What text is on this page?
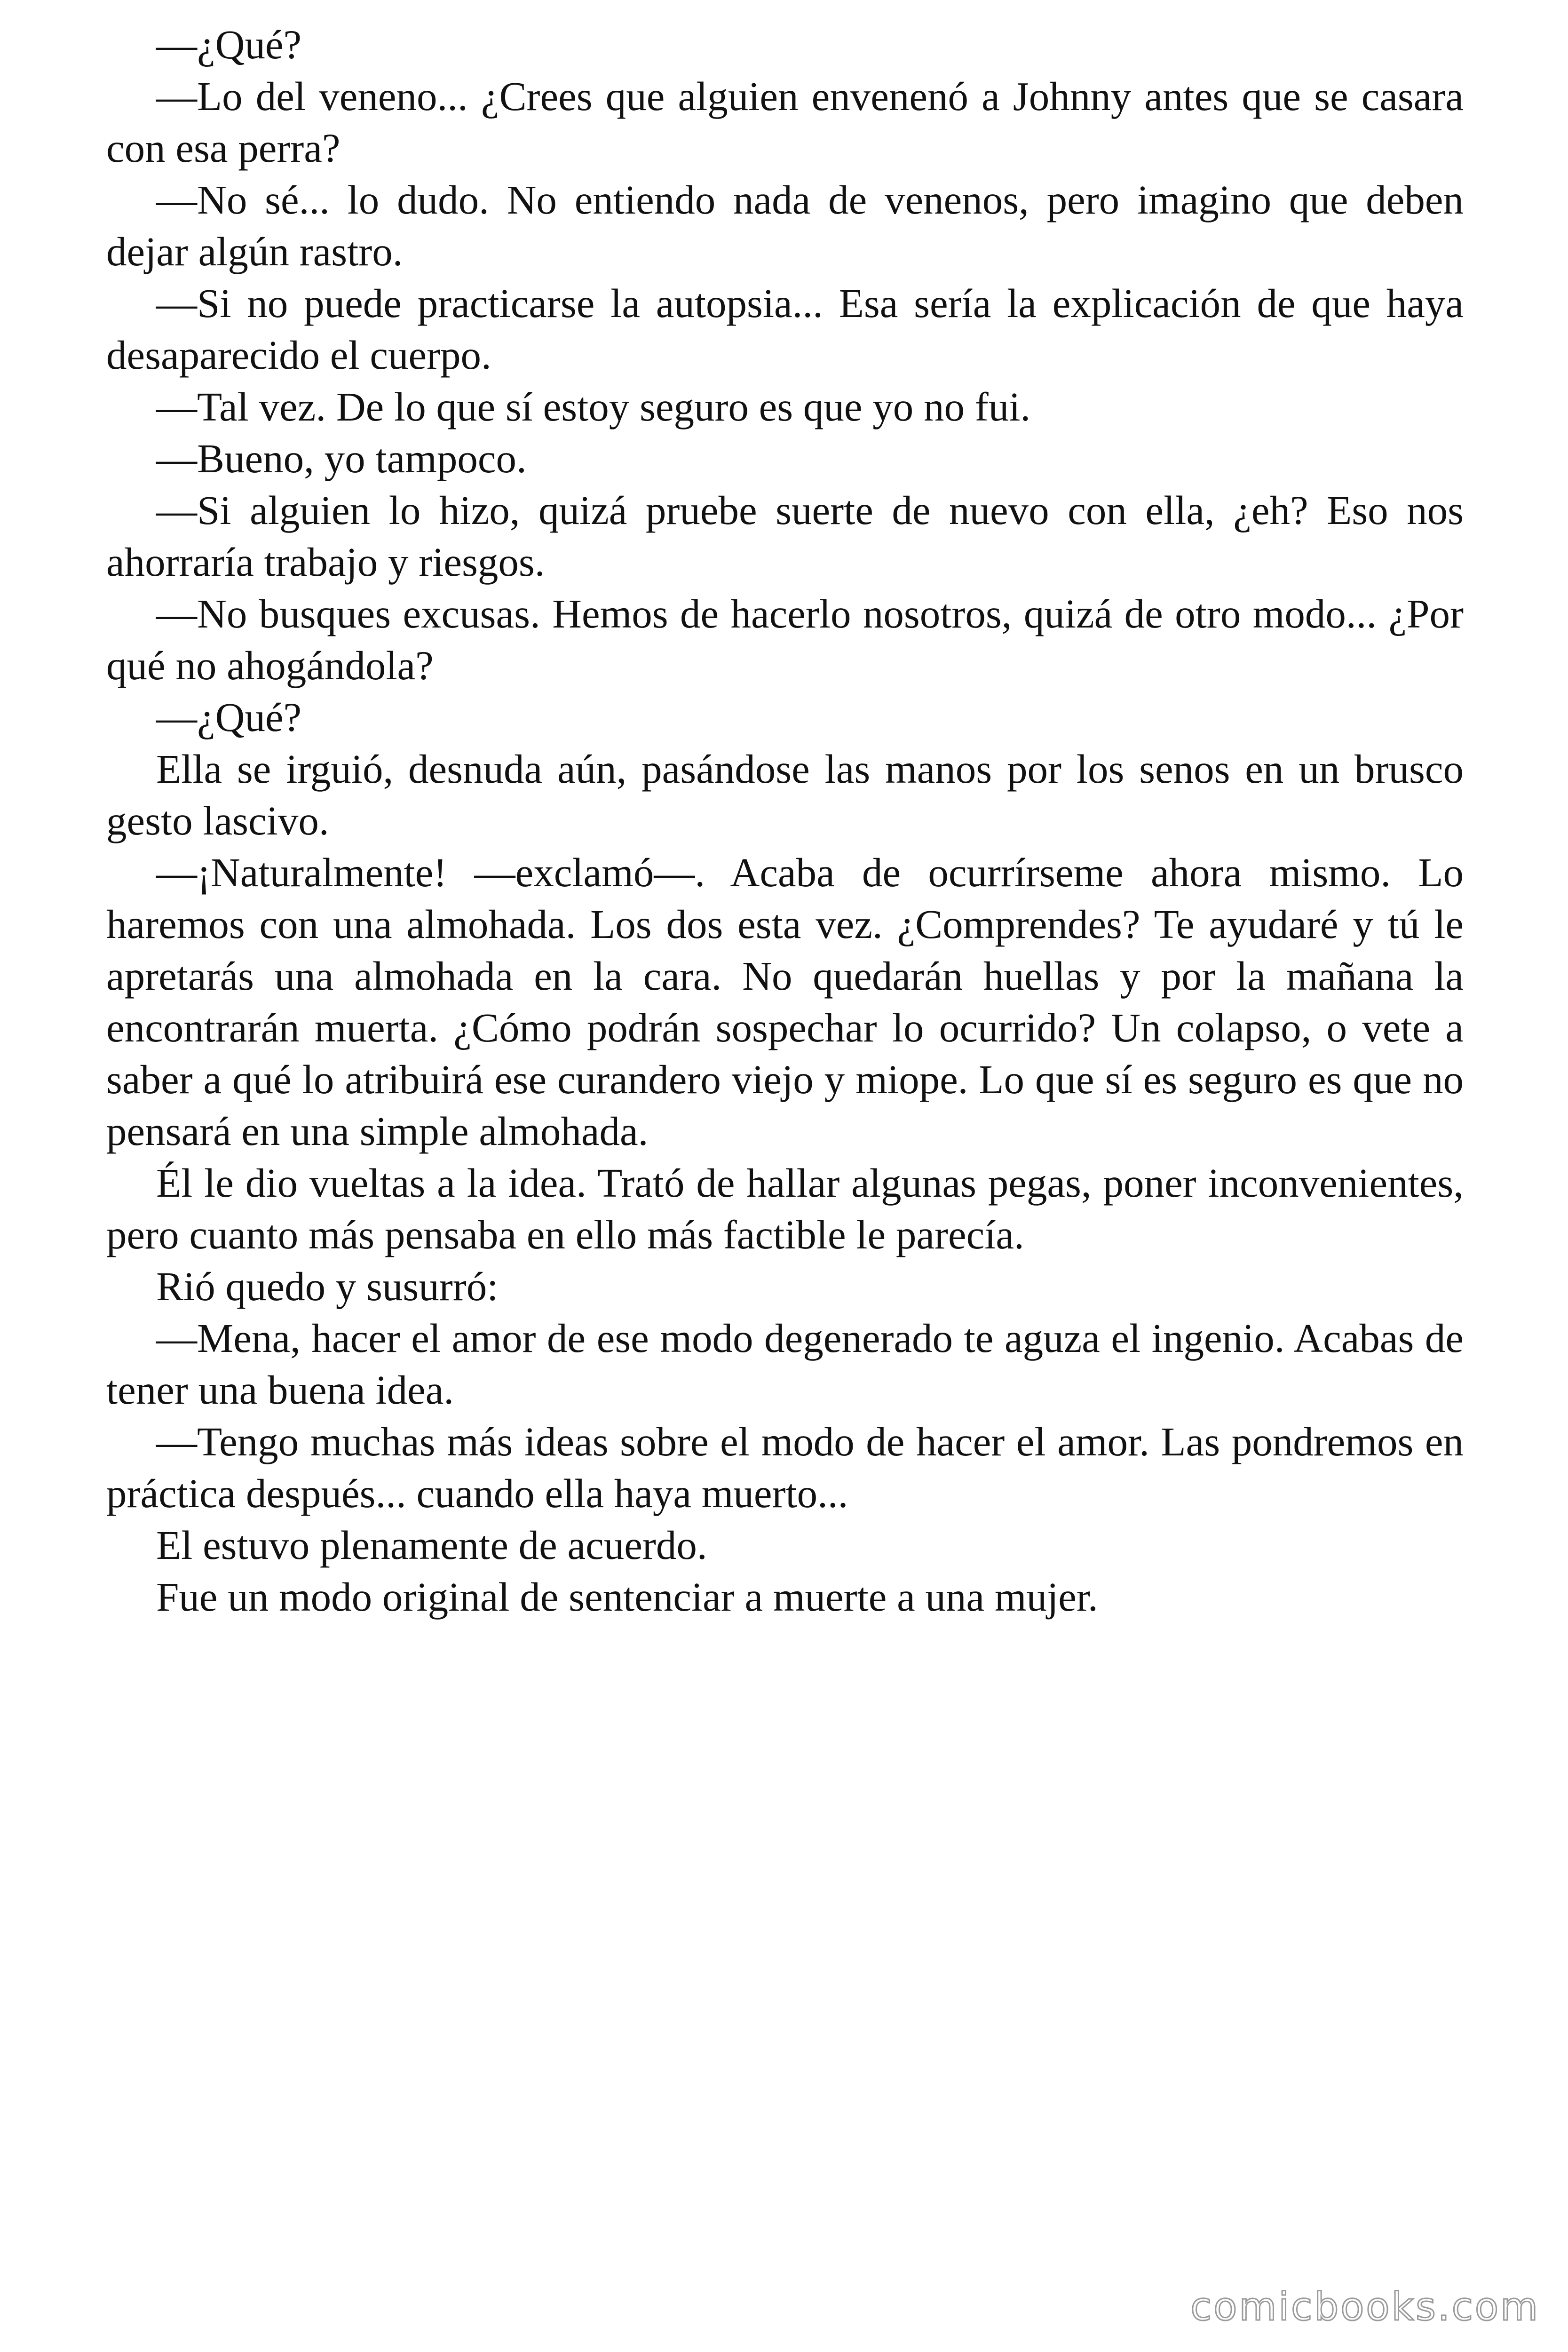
—¿Qué?

—Lo del veneno... ¿Crees que alguien envenenó a Johnny antes que se casara con esa perra?

—No sé... lo dudo. No entiendo nada de venenos, pero imagino que deben dejar algún rastro.

—Si no puede practicarse la autopsia... Esa sería la explicación de que haya desaparecido el cuerpo.

—Tal vez. De lo que sí estoy seguro es que yo no fui.

—Bueno, yo tampoco.

—Si alguien lo hizo, quizá pruebe suerte de nuevo con ella, ¿eh? Eso nos ahorraría trabajo y riesgos.

—No busques excusas. Hemos de hacerlo nosotros, quizá de otro modo... ¿Por qué no ahogándola?

—¿Qué?

Ella se irguió, desnuda aún, pasándose las manos por los senos en un brusco gesto lascivo.

—¡Naturalmente! —exclamó—. Acaba de ocurrírseme ahora mismo. Lo haremos con una almohada. Los dos esta vez. ¿Comprendes? Te ayudaré y tú le apretarás una almohada en la cara. No quedarán huellas y por la mañana la encontrarán muerta. ¿Cómo podrán sospechar lo ocurrido? Un colapso, o vete a saber a qué lo atribuirá ese curandero viejo y miope. Lo que sí es seguro es que no pensará en una simple almohada.

Él le dio vueltas a la idea. Trató de hallar algunas pegas, poner inconvenientes, pero cuanto más pensaba en ello más factible le parecía.

Rió quedo y susurró:

—Mena, hacer el amor de ese modo degenerado te aguza el ingenio. Acabas de tener una buena idea.

—Tengo muchas más ideas sobre el modo de hacer el amor. Las pondremos en práctica después... cuando ella haya muerto...

El estuvo plenamente de acuerdo.

Fue un modo original de sentenciar a muerte a una mujer.

comicbooks.com
